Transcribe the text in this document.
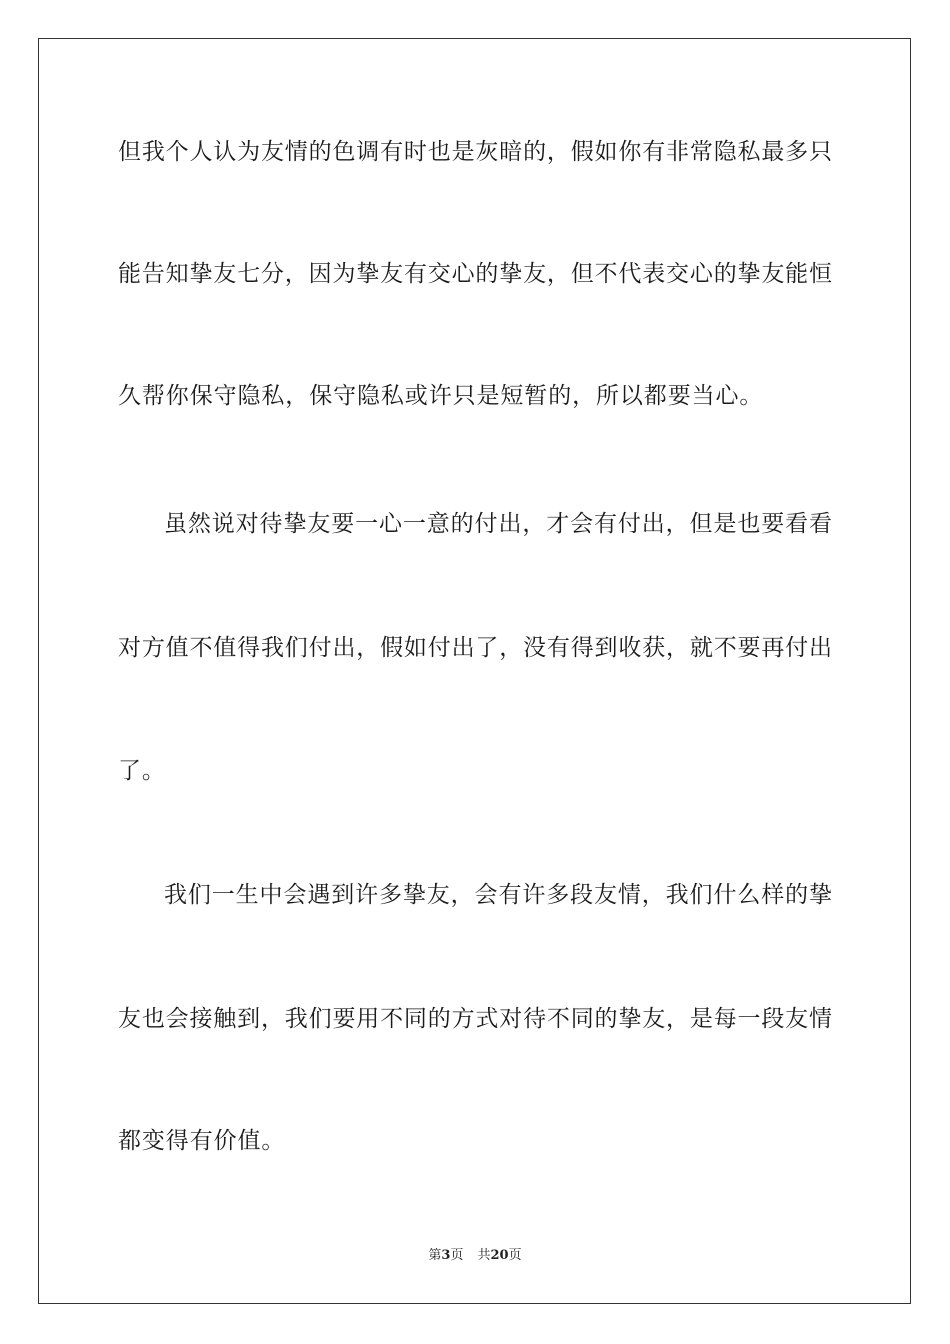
但我个人认为友情的色调有时也是灰暗的，假如你有非常隐私最多只
能告知挚友七分，因为挚友有交心的挚友，但不代表交心的挚友能恒
久帮你保守隐私，保守隐私或许只是短暂的，所以都要当心。
虽然说对待挚友要一心一意的付出，才会有付出，但是也要看看
对方值不值得我们付出，假如付出了，没有得到收获，就不要再付出
了。
我们一生中会遇到许多挚友，会有许多段友情，我们什么样的挚
友也会接触到，我们要用不同的方式对待不同的挚友，是每一段友情
都变得有价值。
第3页 共20页
